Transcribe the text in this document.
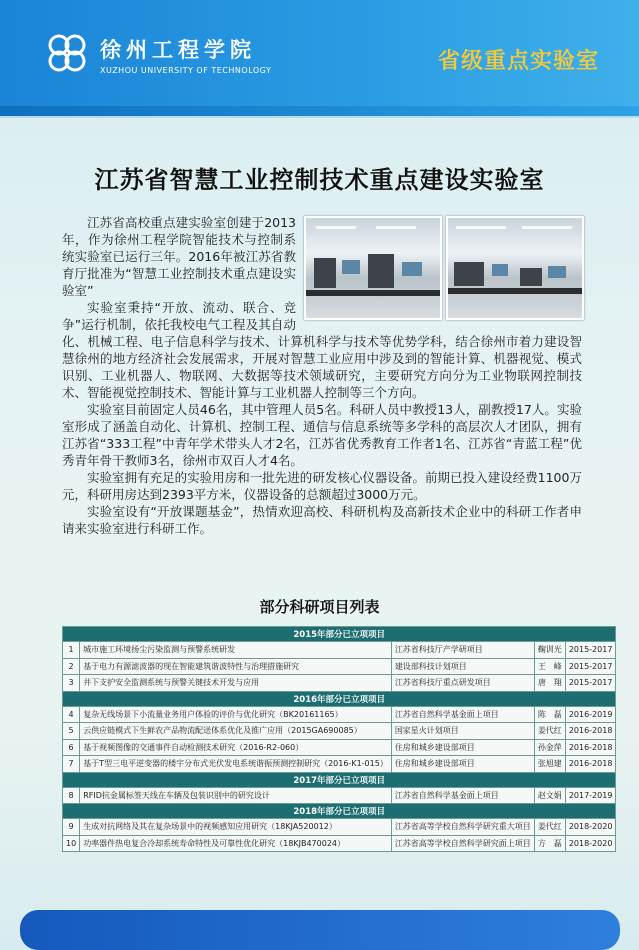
徐州工程学院
XUZHOU UNIVERSITY OF TECHNOLOGY	省级重点实验室
江苏省智慧工业控制技术重点建设实验室

江苏省高校重点建实验室创建于2013年，作为徐州工程学院智能技术与控制系统实验室已运行三年。2016年被江苏省教育厅批准为“智慧工业控制技术重点建设实验室”

实验室秉持“开放、流动、联合、竞争”运行机制，依托我校电气工程及其自动化、机械工程、电子信息科学与技术、计算机科学与技术等优势学科，结合徐州市着力建设智慧徐州的地方经济社会发展需求，开展对智慧工业应用中涉及到的智能计算、机器视觉、模式识别、工业机器人、物联网、大数据等技术领域研究，主要研究方向分为工业物联网控制技术、智能视觉控制技术、智能计算与工业机器人控制等三个方向。

实验室目前固定人员46名，其中管理人员5名。科研人员中教授13人，副教授17人。实验室形成了涵盖自动化、计算机、控制工程、通信与信息系统等多学科的高层次人才团队，拥有江苏省“333工程”中青年学术带头人才2名，江苏省优秀教育工作者1名、江苏省“青蓝工程”优秀青年骨干教师3名，徐州市双百人才4名。

实验室拥有充足的实验用房和一批先进的研发核心仪器设备。前期已投入建设经费1100万元，科研用房达到2393平方米，仪器设备的总额超过3000万元。

实验室设有“开放课题基金”，热情欢迎高校、科研机构及高新技术企业中的科研工作者申请来实验室进行科研工作。

部分科研项目列表
2015年部分已立项项目				
1	城市施工环境扬尘污染监测与预警系统研发	江苏省科技厅产学研项目	鞠训光	2015-2017
2	基于电力有源滤波器的现在智能建筑谐波特性与治理措施研究	建设部科技计划项目	王　峰	2015-2017
3	井下支护安全监测系统与预警关键技术开发与应用	江苏省科技厅重点研发项目	唐　翔	2015-2017
2016年部分已立项项目				
4	复杂无线场景下小流量业务用户体验的评价与优化研究（BK20161165）	江苏省自然科学基金面上项目	陈　磊	2016-2019
5	云供应链模式下生鲜农产品物流配送体系优化及推广应用（2015GA690085）	国家星火计划项目	姜代红	2016-2018
6	基于视频图像的交通事件自动检测技术研究（2016-R2-060）	住房和城乡建设部项目	孙金萍	2016-2018
7	基于T型三电平逆变器的楼宇分布式光伏发电系统谐振预测控制研究（2016-K1-015）	住房和城乡建设部项目	张旭建	2016-2018
2017年部分已立项项目				
8	RFID抗金属标签天线在车辆及包装识别中的研究设计	江苏省自然科学基金面上项目	赵文娟	2017-2019
2018年部分已立项项目				
9	生成对抗网络及其在复杂场景中的视频感知应用研究（18KJA520012）	江苏省高等学校自然科学研究重大项目	姜代红	2018-2020
10	功率器件热电复合冷却系统寿命特性及可靠性优化研究（18KJB470024）	江苏省高等学校自然科学研究面上项目	方　磊	2018-2020
